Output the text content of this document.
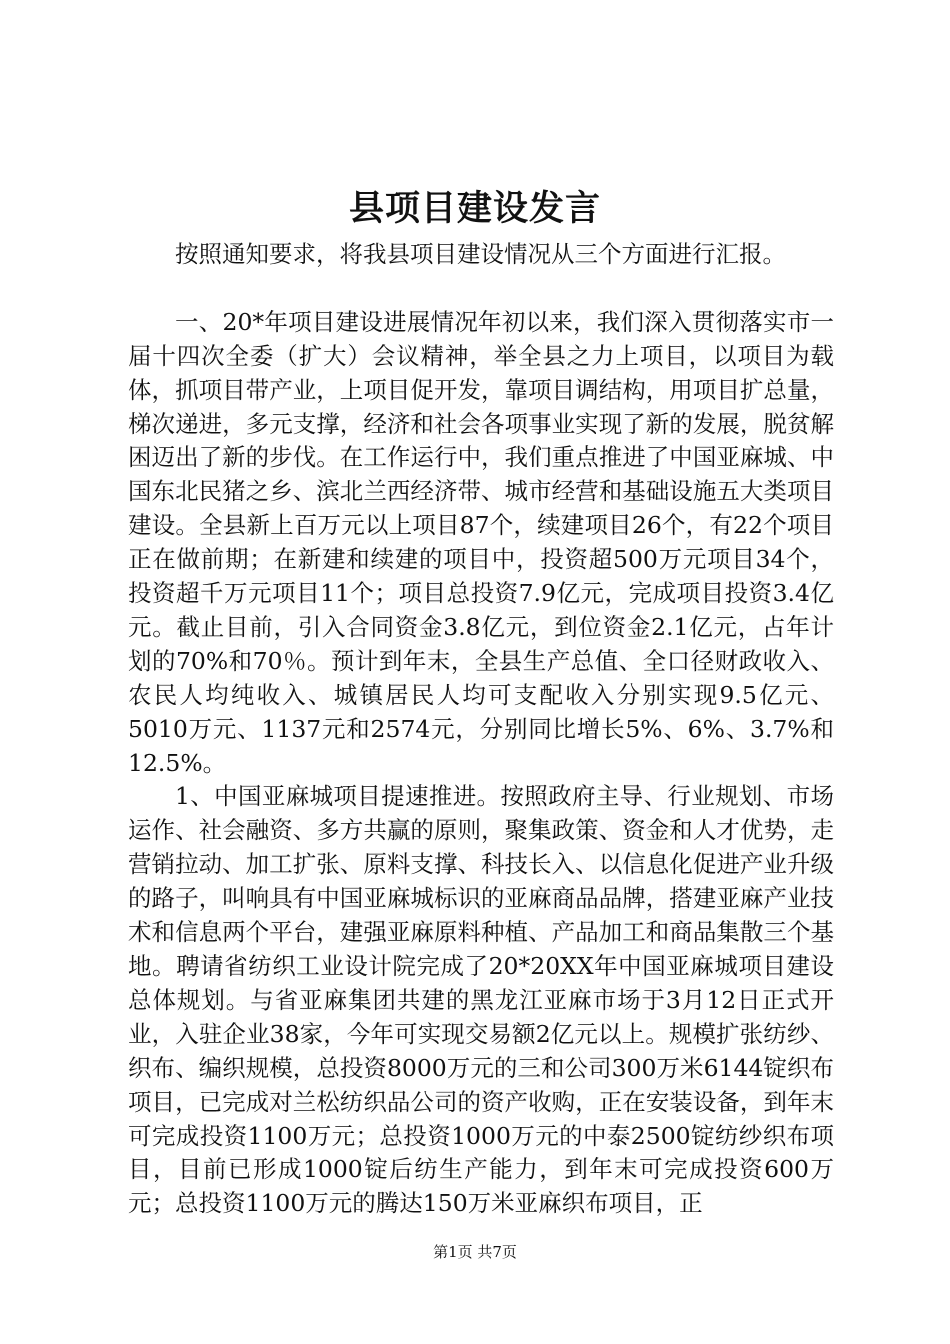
县项目建设发言

按照通知要求，将我县项目建设情况从三个方面进行汇报。

一、20*年项目建设进展情况年初以来，我们深入贯彻落实市一届十四次全委（扩大）会议精神，举全县之力上项目，以项目为载体，抓项目带产业，上项目促开发，靠项目调结构，用项目扩总量，梯次递进，多元支撑，经济和社会各项事业实现了新的发展，脱贫解困迈出了新的步伐。在工作运行中，我们重点推进了中国亚麻城、中国东北民猪之乡、滨北兰西经济带、城市经营和基础设施五大类项目建设。全县新上百万元以上项目87个，续建项目26个，有22个项目正在做前期；在新建和续建的项目中，投资超500万元项目34个，投资超千万元项目11个；项目总投资7.9亿元，完成项目投资3.4亿元。截止目前，引入合同资金3.8亿元，到位资金2.1亿元，占年计划的70%和70％。预计到年末，全县生产总值、全口径财政收入、农民人均纯收入、城镇居民人均可支配收入分别实现9.5亿元、5010万元、1137元和2574元，分别同比增长5%、6%、3.7%和12.5%。

1、中国亚麻城项目提速推进。按照政府主导、行业规划、市场运作、社会融资、多方共赢的原则，聚集政策、资金和人才优势，走营销拉动、加工扩张、原料支撑、科技长入、以信息化促进产业升级的路子，叫响具有中国亚麻城标识的亚麻商品品牌，搭建亚麻产业技术和信息两个平台，建强亚麻原料种植、产品加工和商品集散三个基地。聘请省纺织工业设计院完成了20*20XX年中国亚麻城项目建设总体规划。与省亚麻集团共建的黑龙江亚麻市场于3月12日正式开业，入驻企业38家，今年可实现交易额2亿元以上。规模扩张纺纱、织布、编织规模，总投资8000万元的三和公司300万米6144锭织布项目，已完成对兰松纺织品公司的资产收购，正在安装设备，到年末可完成投资1100万元；总投资1000万元的中泰2500锭纺纱织布项目，目前已形成1000锭后纺生产能力，到年末可完成投资600万元；总投资1100万元的腾达150万米亚麻织布项目，正

第1页 共7页
